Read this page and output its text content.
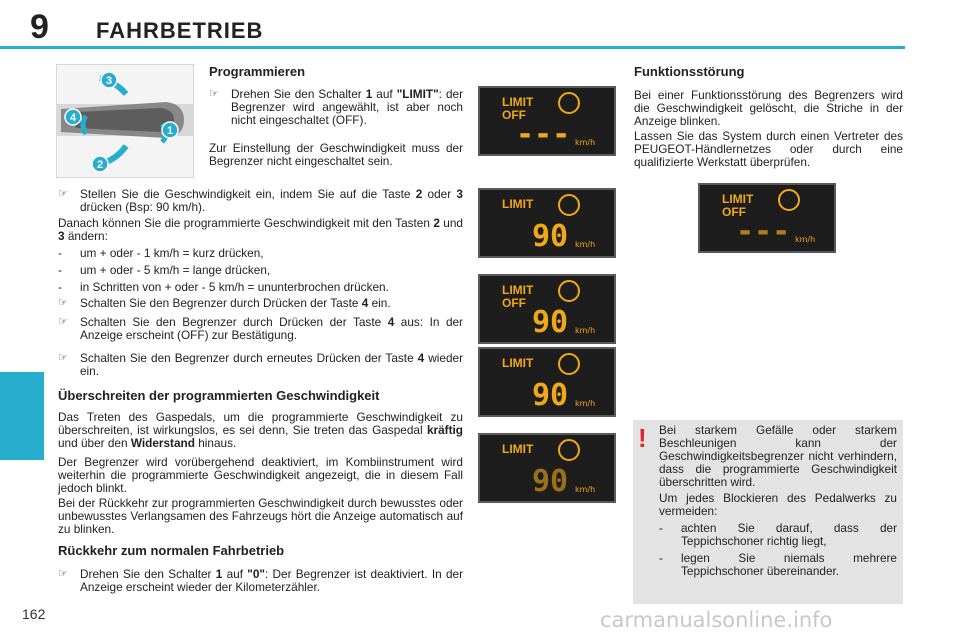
9 FAHRBETRIEB
3
4
1
2
Programmieren
☞ Drehen Sie den Schalter 1 auf "LIMIT": der Begrenzer wird angewählt, ist aber noch nicht eingeschaltet (OFF).

Zur Einstellung der Geschwindigkeit muss der Begrenzer nicht eingeschaltet sein.

☞ Stellen Sie die Geschwindigkeit ein, indem Sie auf die Taste 2 oder 3 drücken (Bsp: 90 km/h).
Danach können Sie die programmierte Geschwindigkeit mit den Tasten 2 und 3 ändern:
- um + oder - 1 km/h = kurz drücken,
- um + oder - 5 km/h = lange drücken,
- in Schritten von + oder - 5 km/h = ununterbrochen drücken.
☞ Schalten Sie den Begrenzer durch Drücken der Taste 4 ein.
☞ Schalten Sie den Begrenzer durch Drücken der Taste 4 aus: In der Anzeige erscheint (OFF) zur Bestätigung.
☞ Schalten Sie den Begrenzer durch erneutes Drücken der Taste 4 wieder ein.
Überschreiten der programmierten Geschwindigkeit
Das Treten des Gaspedals, um die programmierte Geschwindigkeit zu überschreiten, ist wirkungslos, es sei denn, Sie treten das Gaspedal kräftig und über den Widerstand hinaus.

Der Begrenzer wird vorübergehend deaktiviert, im Kombiinstrument wird weiterhin die programmierte Geschwindigkeit angezeigt, die in diesem Fall jedoch blinkt.

Bei der Rückkehr zur programmierten Geschwindigkeit durch bewusstes oder unbewusstes Verlangsamen des Fahrzeugs hört die Anzeige automatisch auf zu blinken.

Rückkehr zum normalen Fahrbetrieb
☞ Drehen Sie den Schalter 1 auf "0": Der Begrenzer ist deaktiviert. In der Anzeige erscheint wieder der Kilometerzähler.
LIMIT
OFF
--- km/h
LIMIT
90 km/h
LIMIT
OFF
90 km/h
LIMIT
90 km/h
LIMIT
90 km/h
Funktionsstörung

Bei einer Funktionsstörung des Begrenzers wird die Geschwindigkeit gelöscht, die Striche in der Anzeige blinken.

Lassen Sie das System durch einen Vertreter des PEUGEOT-Händlernetzes oder durch eine qualifizierte Werkstatt überprüfen.

LIMIT
OFF
--- km/h
! Bei starkem Gefälle oder starkem Beschleunigen kann der Geschwindigkeitsbegrenzer nicht verhindern, dass die programmierte Geschwindigkeit überschritten wird.

Um jedes Blockieren des Pedalwerks zu vermeiden:

- achten Sie darauf, dass der Teppichschoner richtig liegt,
- legen Sie niemals mehrere Teppichschoner übereinander.
162	carmanualsonline.info
